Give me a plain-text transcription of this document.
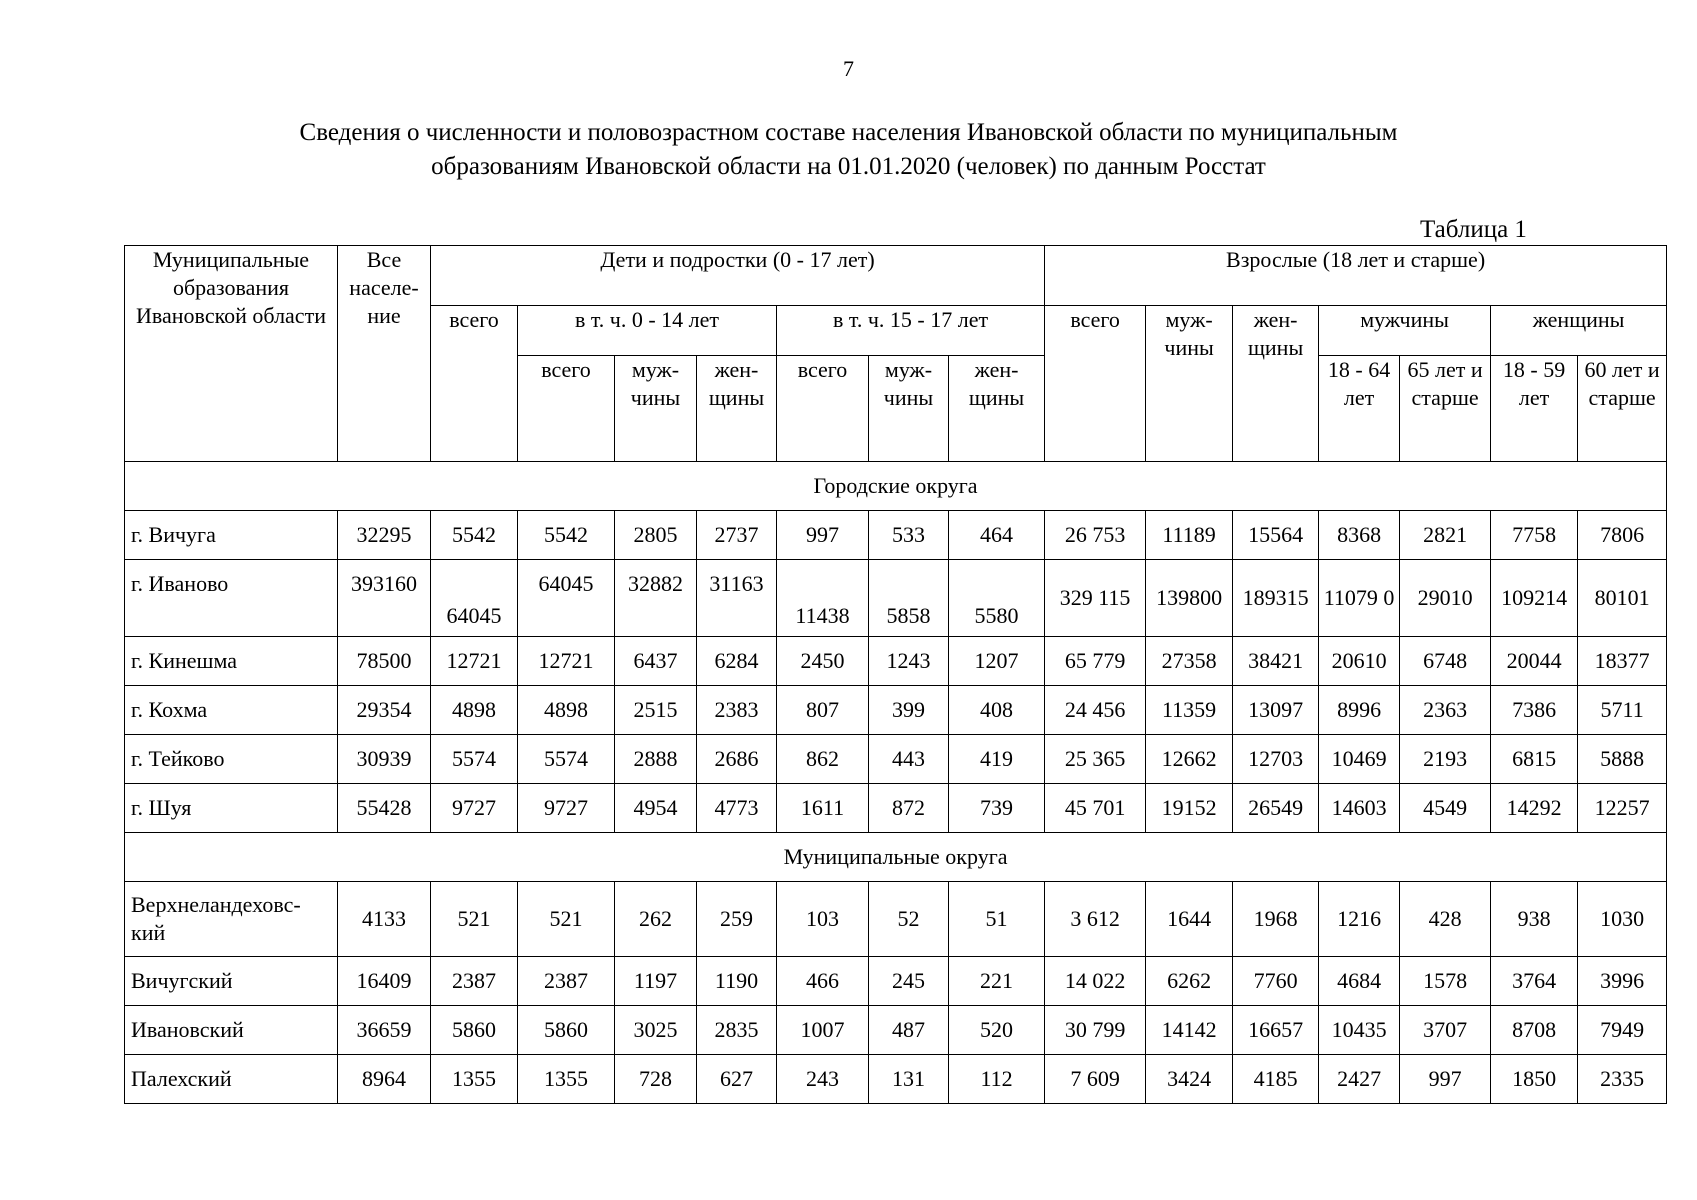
7
Сведения о численности и половозрастном составе населения Ивановской области по муниципальным
образованиям Ивановской области на 01.01.2020 (человек) по данным Росстат
Таблица 1
Муниципальные образования Ивановской области	Все населе-ние	Дети и подростки (0 - 17 лет)							Взрослые (18 лет и старше)						
		всего	в т. ч. 0 - 14 лет			в т. ч. 15 - 17 лет			всего	муж-чины	жен-щины	мужчины		женщины	
			всего	муж-чины	жен-щины	всего	муж-чины	жен-щины				18 - 64 лет	65 лет и старше	18 - 59 лет	60 лет и старше
Городские округа															
г. Вичуга	32295	5542	5542	2805	2737	997	533	464	26 753	11189	15564	8368	2821	7758	7806
г. Иваново	393160	64045	64045	32882	31163	11438	5858	5580	329 115	139800	189315	11079 0	29010	109214	80101
г. Кинешма	78500	12721	12721	6437	6284	2450	1243	1207	65 779	27358	38421	20610	6748	20044	18377
г. Кохма	29354	4898	4898	2515	2383	807	399	408	24 456	11359	13097	8996	2363	7386	5711
г. Тейково	30939	5574	5574	2888	2686	862	443	419	25 365	12662	12703	10469	2193	6815	5888
г. Шуя	55428	9727	9727	4954	4773	1611	872	739	45 701	19152	26549	14603	4549	14292	12257
Муниципальные округа															
Верхнеландеховс-кий	4133	521	521	262	259	103	52	51	3 612	1644	1968	1216	428	938	1030
Вичугский	16409	2387	2387	1197	1190	466	245	221	14 022	6262	7760	4684	1578	3764	3996
Ивановский	36659	5860	5860	3025	2835	1007	487	520	30 799	14142	16657	10435	3707	8708	7949
Палехский	8964	1355	1355	728	627	243	131	112	7 609	3424	4185	2427	997	1850	2335
